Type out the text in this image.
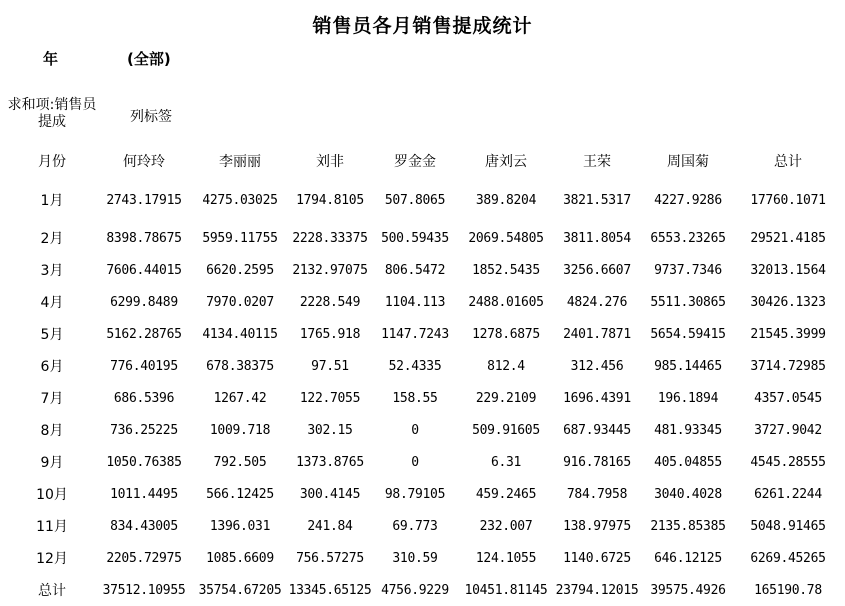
销售员各月销售提成统计
年	(全部)
求和项:销售员提成	列标签
月份	何玲玲	李丽丽	刘非	罗金金	唐刘云	王荣	周国菊	总计
1月	2743.17915	4275.03025	1794.8105	507.8065	389.8204	3821.5317	4227.9286	17760.1071
2月	8398.78675	5959.11755	2228.33375	500.59435	2069.54805	3811.8054	6553.23265	29521.4185
3月	7606.44015	6620.2595	2132.97075	806.5472	1852.5435	3256.6607	9737.7346	32013.1564
4月	6299.8489	7970.0207	2228.549	1104.113	2488.01605	4824.276	5511.30865	30426.1323
5月	5162.28765	4134.40115	1765.918	1147.7243	1278.6875	2401.7871	5654.59415	21545.3999
6月	776.40195	678.38375	97.51	52.4335	812.4	312.456	985.14465	3714.72985
7月	686.5396	1267.42	122.7055	158.55	229.2109	1696.4391	196.1894	4357.0545
8月	736.25225	1009.718	302.15	0	509.91605	687.93445	481.93345	3727.9042
9月	1050.76385	792.505	1373.8765	0	6.31	916.78165	405.04855	4545.28555
10月	1011.4495	566.12425	300.4145	98.79105	459.2465	784.7958	3040.4028	6261.2244
11月	834.43005	1396.031	241.84	69.773	232.007	138.97975	2135.85385	5048.91465
12月	2205.72975	1085.6609	756.57275	310.59	124.1055	1140.6725	646.12125	6269.45265
总计	37512.10955	35754.67205	13345.65125	4756.9229	10451.81145	23794.12015	39575.4926	165190.78
